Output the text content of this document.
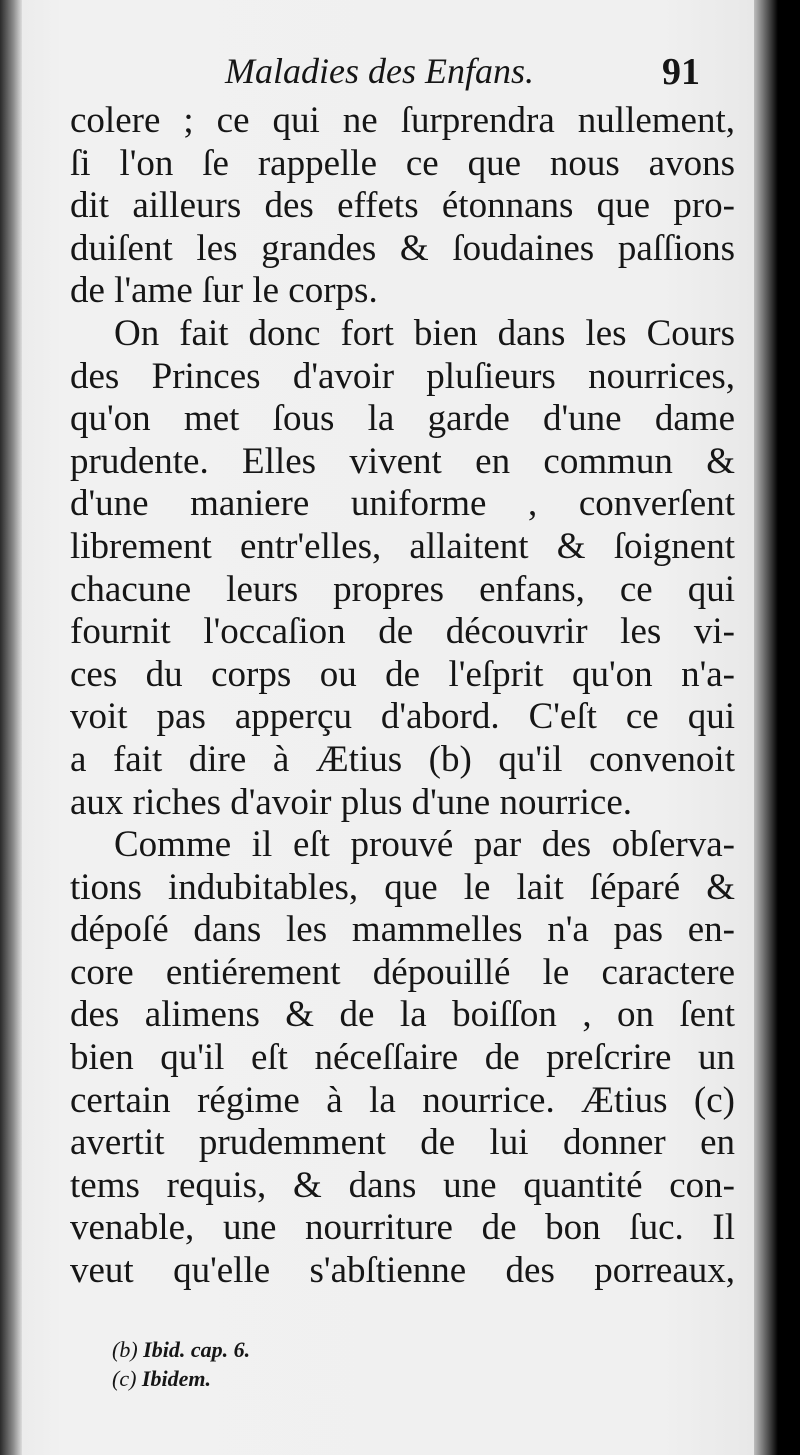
Maladies des Enfans.	91
colere ; ce qui ne ſurprendra nullement,
ſi l'on ſe rappelle ce que nous avons
dit ailleurs des effets étonnans que pro-
duiſent les grandes & ſoudaines paſſions
de l'ame ſur le corps.
On fait donc fort bien dans les Cours
des Princes d'avoir pluſieurs nourrices,
qu'on met ſous la garde d'une dame
prudente. Elles vivent en commun &
d'une maniere uniforme , converſent
librement entr'elles, allaitent & ſoignent
chacune leurs propres enfans, ce qui
fournit l'occaſion de découvrir les vi-
ces du corps ou de l'eſprit qu'on n'a-
voit pas apperçu d'abord. C'eſt ce qui
a fait dire à Ætius (b) qu'il convenoit
aux riches d'avoir plus d'une nourrice.
Comme il eſt prouvé par des obſerva-
tions indubitables, que le lait ſéparé &
dépoſé dans les mammelles n'a pas en-
core entiérement dépouillé le caractere
des alimens & de la boiſſon , on ſent
bien qu'il eſt néceſſaire de preſcrire un
certain régime à la nourrice. Ætius (c)
avertit prudemment de lui donner en
tems requis, & dans une quantité con-
venable, une nourriture de bon ſuc. Il
veut qu'elle s'abſtienne des porreaux,
(b) Ibid. cap. 6.
(c) Ibidem.
